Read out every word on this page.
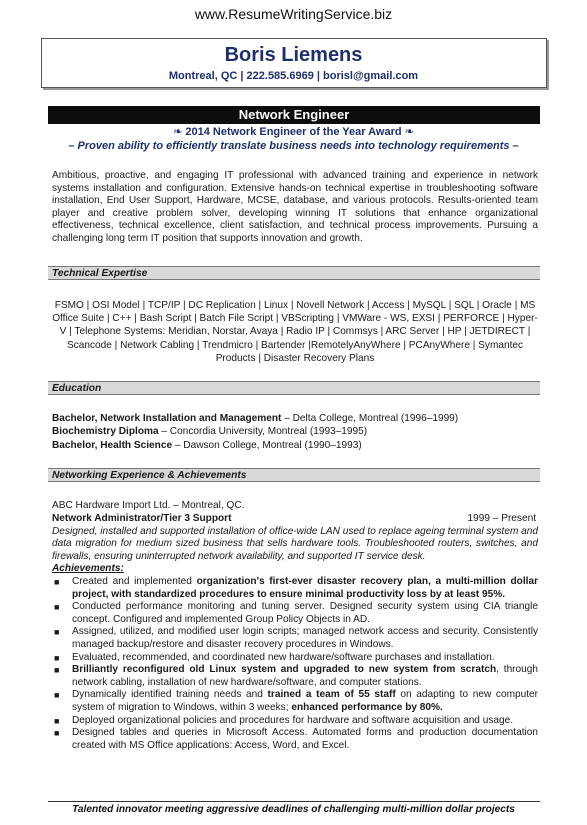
www.ResumeWritingService.biz
Boris Liemens
Montreal, QC | 222.585.6969 | borisl@gmail.com
Network Engineer
❧ 2014 Network Engineer of the Year Award ❧
– Proven ability to efficiently translate business needs into technology requirements –
Ambitious, proactive, and engaging IT professional with advanced training and experience in network systems installation and configuration. Extensive hands-on technical expertise in troubleshooting software installation, End User Support, Hardware, MCSE, database, and various protocols. Results-oriented team player and creative problem solver, developing winning IT solutions that enhance organizational effectiveness, technical excellence, client satisfaction, and technical process improvements. Pursuing a challenging long term IT position that supports innovation and growth.
Technical Expertise
FSMO | OSI Model | TCP/IP | DC Replication | Linux | Novell Network | Access | MySQL | SQL | Oracle | MS Office Suite | C++ | Bash Script | Batch File Script | VBScripting | VMWare - WS, EXSI | PERFORCE | Hyper-V | Telephone Systems: Meridian, Norstar, Avaya | Radio IP | Commsys | ARC Server | HP | JETDIRECT | Scancode | Network Cabling | Trendmicro | Bartender |RemotelyAnyWhere | PCAnyWhere | Symantec Products | Disaster Recovery Plans
Education
Bachelor, Network Installation and Management – Delta College, Montreal (1996–1999)
Biochemistry Diploma – Concordia University, Montreal (1993–1995)
Bachelor, Health Science – Dawson College, Montreal (1990–1993)
Networking Experience & Achievements
ABC Hardware Import Ltd. – Montreal, QC.
Network Administrator/Tier 3 Support	1999 – Present
Designed, installed and supported installation of office-wide LAN used to replace ageing terminal system and data migration for medium sized business that sells hardware tools. Troubleshooted routers, switches, and firewalls, ensuring uninterrupted network availability, and supported IT service desk.
Achievements:
■ Created and implemented organization's first-ever disaster recovery plan, a multi-million dollar project, with standardized procedures to ensure minimal productivity loss by at least 95%.
■ Conducted performance monitoring and tuning server. Designed security system using CIA triangle concept. Configured and implemented Group Policy Objects in AD.
■ Assigned, utilized, and modified user login scripts; managed network access and security. Consistently managed backup/restore and disaster recovery procedures in Windows.
■ Evaluated, recommended, and coordinated new hardware/software purchases and installation.
■ Brilliantly reconfigured old Linux system and upgraded to new system from scratch, through network cabling, installation of new hardware/software, and computer stations.
■ Dynamically identified training needs and trained a team of 55 staff on adapting to new computer system of migration to Windows, within 3 weeks; enhanced performance by 80%.
■ Deployed organizational policies and procedures for hardware and software acquisition and usage.
■ Designed tables and queries in Microsoft Access. Automated forms and production documentation created with MS Office applications: Access, Word, and Excel.
Talented innovator meeting aggressive deadlines of challenging multi-million dollar projects
